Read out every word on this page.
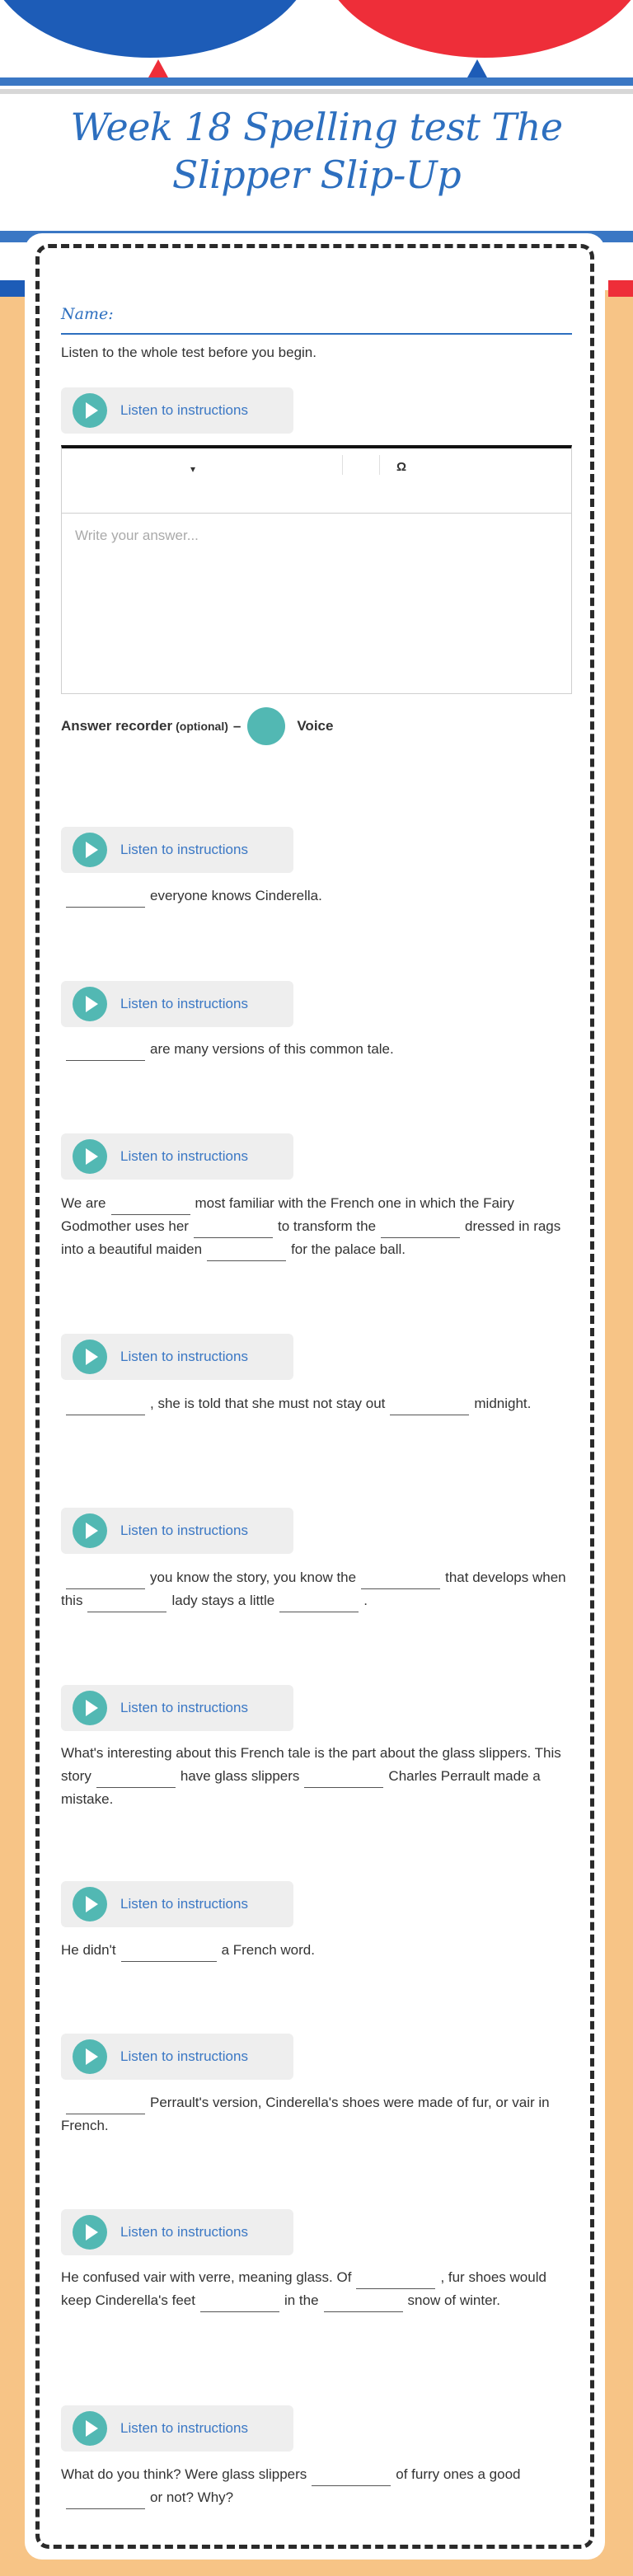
Week 18 Spelling test The Slipper Slip-Up
Name:
Listen to the whole test before you begin.
Listen to instructions
▾	Ω
Write your answer...
Answer recorder (optional) –	Voice
Listen to instructions
everyone knows Cinderella.
Listen to instructions
are many versions of this common tale.
Listen to instructions
We are	most familiar with the French one in which the Fairy Godmother uses her	to transform the	dressed in rags into a beautiful maiden	for the palace ball.
Listen to instructions
, she is told that she must not stay out	midnight.
Listen to instructions
you know the story, you know the	that develops when this	lady stays a little	.
Listen to instructions
What's interesting about this French tale is the part about the glass slippers. This story	have glass slippers	Charles Perrault made a mistake.
Listen to instructions
He didn't	a French word.
Listen to instructions
Perrault's version, Cinderella's shoes were made of fur, or vair in French.
Listen to instructions
He confused vair with verre, meaning glass. Of	, fur shoes would keep Cinderella's feet	in the	snow of winter.
Listen to instructions
What do you think? Were glass slippers	of furry ones a goodor not? Why?
